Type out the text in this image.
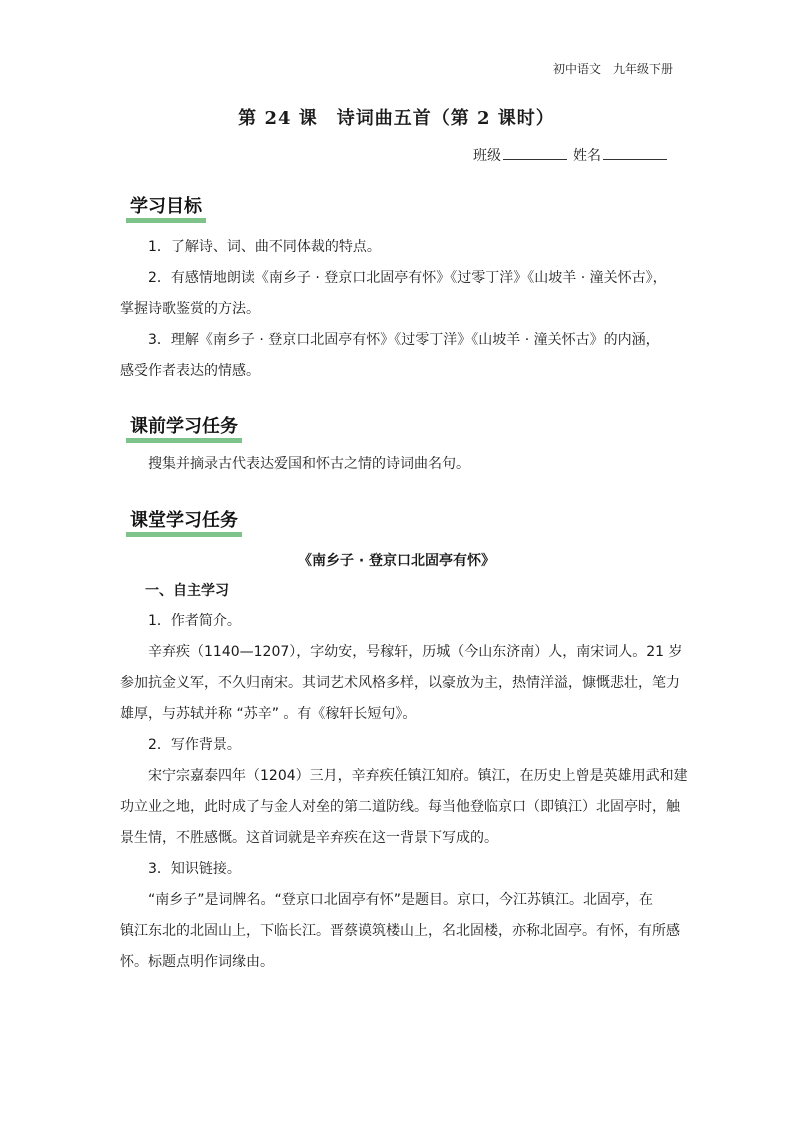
初中语文 九年级下册
第 24 课　诗词曲五首（第 2 课时）
班级	姓名
学习目标
1．了解诗、词、曲不同体裁的特点。
2．有感情地朗读《南乡子 · 登京口北固亭有怀》《过零丁洋》《山坡羊 · 潼关怀古》，
掌握诗歌鉴赏的方法。
3．理解《南乡子 · 登京口北固亭有怀》《过零丁洋》《山坡羊 · 潼关怀古》的内涵，
感受作者表达的情感。
课前学习任务
搜集并摘录古代表达爱国和怀古之情的诗词曲名句。
课堂学习任务
《南乡子 · 登京口北固亭有怀》
一、自主学习
1．作者简介。
辛弃疾（1140—1207），字幼安，号稼轩，历城（今山东济南）人，南宋词人。21 岁
参加抗金义军，不久归南宋。其词艺术风格多样，以豪放为主，热情洋溢，慷慨悲壮，笔力
雄厚，与苏轼并称 “苏辛” 。有《稼轩长短句》。
2．写作背景。
宋宁宗嘉泰四年（1204）三月，辛弃疾任镇江知府。镇江，在历史上曾是英雄用武和建
功立业之地，此时成了与金人对垒的第二道防线。每当他登临京口（即镇江）北固亭时，触
景生情，不胜感慨。这首词就是辛弃疾在这一背景下写成的。
3．知识链接。
“南乡子”是词牌名。“登京口北固亭有怀”是题目。京口，今江苏镇江。北固亭，在
镇江东北的北固山上，下临长江。晋蔡谟筑楼山上，名北固楼，亦称北固亭。有怀，有所感
怀。标题点明作词缘由。
